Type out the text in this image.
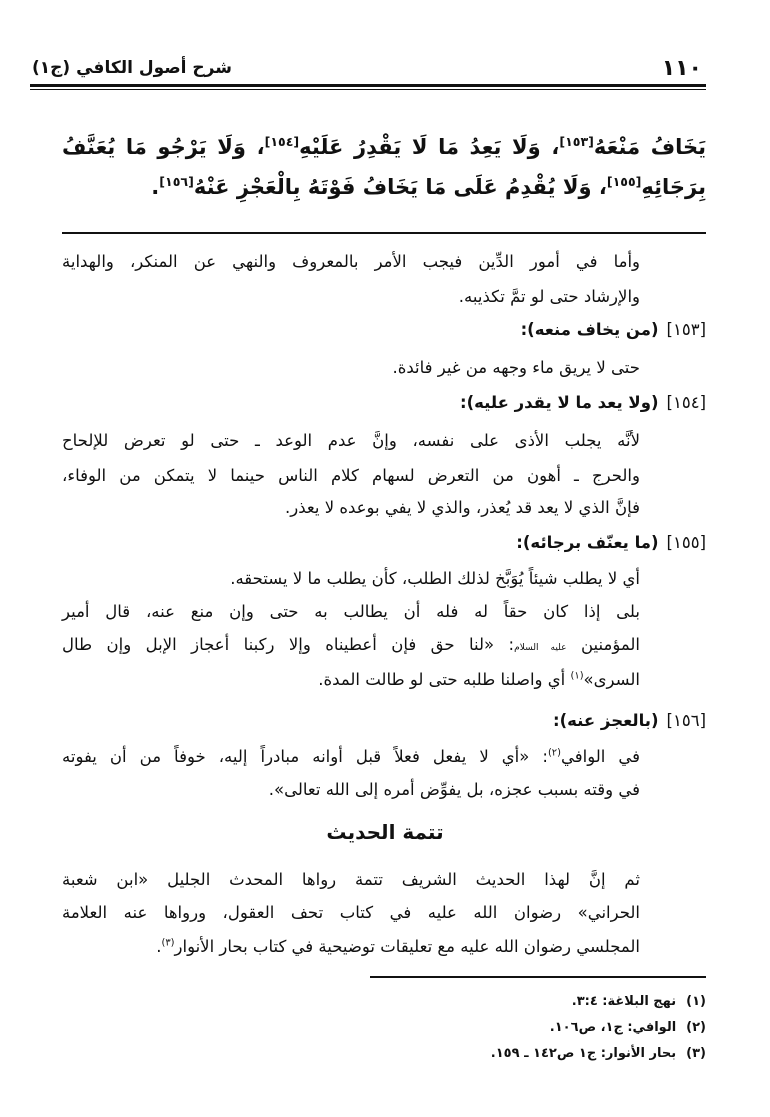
١١٠
شرح أصول الكافي (ج١)
يَخَافُ مَنْعَهُ[١٥٣]، وَلَا يَعِدُ مَا لَا يَقْدِرُ عَلَيْهِ[١٥٤]، وَلَا يَرْجُو مَا يُعَنَّفُ
بِرَجَائِهِ[١٥٥]، وَلَا يُقْدِمُ عَلَى مَا يَخَافُ فَوْتَهُ بِالْعَجْزِ عَنْهُ[١٥٦].
وأما في أمور الدِّين فيجب الأمر بالمعروف والنهي عن المنكر، والهداية
والإرشاد حتى لو تمَّ تكذيبه.
[١٥٣](من يخاف منعه):
حتى لا يريق ماء وجهه من غير فائدة.
[١٥٤](ولا يعد ما لا يقدر عليه):
لأنَّه يجلب الأذى على نفسه، وإنَّ عدم الوعد ـ حتى لو تعرض للإلحاح
والحرج ـ أهون من التعرض لسهام كلام الناس حينما لا يتمكن من الوفاء،
فإنَّ الذي لا يعد قد يُعذر، والذي لا يفي بوعده لا يعذر.
[١٥٥](ما يعنّف برجائه):
أي لا يطلب شيئاً يُوَبَّخ لذلك الطلب، كأن يطلب ما لا يستحقه.
بلى إذا كان حقاً له فله أن يطالب به حتى وإن منع عنه، قال أمير
المؤمنين عليه السلام: «لنا حق فإن أعطيناه وإلا ركبنا أعجاز الإبل وإن طال
السرى»$^{(١)}$ أي واصلنا طلبه حتى لو طالت المدة.
[١٥٦](بالعجز عنه):
في الوافي$^{(٢)}$: «أي لا يفعل فعلاً قبل أوانه مبادراً إليه، خوفاً من أن يفوته
في وقته بسبب عجزه، بل يفوِّض أمره إلى الله تعالى».
تتمة الحديث
ثم إنَّ لهذا الحديث الشريف تتمة رواها المحدث الجليل «ابن شعبة
الحراني» رضوان الله عليه في كتاب تحف العقول، ورواها عنه العلامة
المجلسي رضوان الله عليه مع تعليقات توضيحية في كتاب بحار الأنوار$^{(٣)}$.
(١)نهج البلاغة: ٣:٤.
(٢)الوافي: ج١، ص١٠٦.
(٣)بحار الأنوار: ج١ ص١٤٢ ـ ١٥٩.
